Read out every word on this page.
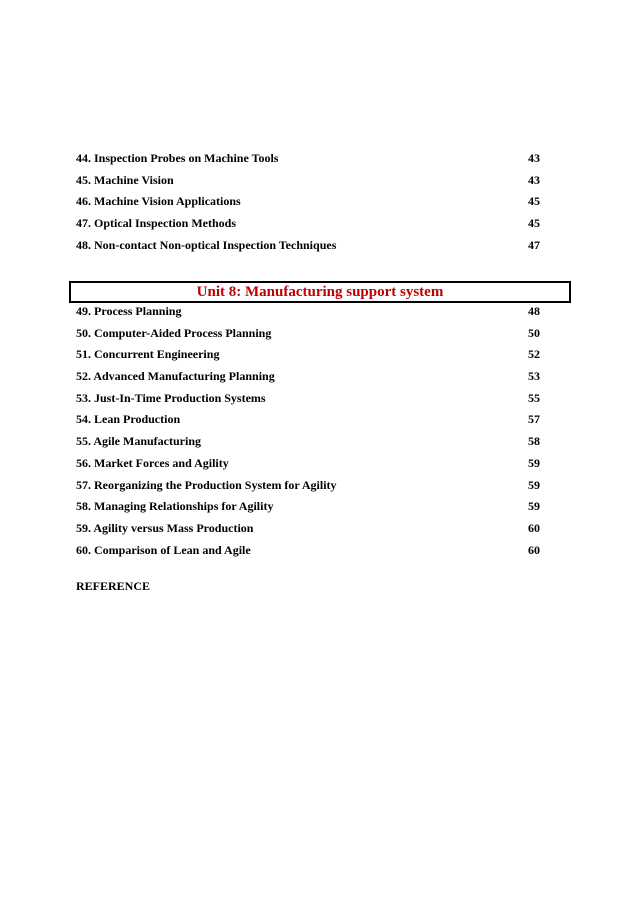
44. Inspection Probes on Machine Tools	43
45. Machine Vision	43
46. Machine Vision Applications	45
47. Optical Inspection Methods	45
48. Non-contact Non-optical Inspection Techniques	47
Unit 8: Manufacturing support system
49. Process Planning	48
50. Computer-Aided Process Planning	50
51. Concurrent Engineering	52
52. Advanced Manufacturing Planning	53
53. Just-In-Time Production Systems	55
54. Lean Production	57
55. Agile Manufacturing	58
56. Market Forces and Agility	59
57. Reorganizing the Production System for Agility	59
58. Managing Relationships for Agility	59
59. Agility versus Mass Production	60
60. Comparison of Lean and Agile	60
REFERENCE
